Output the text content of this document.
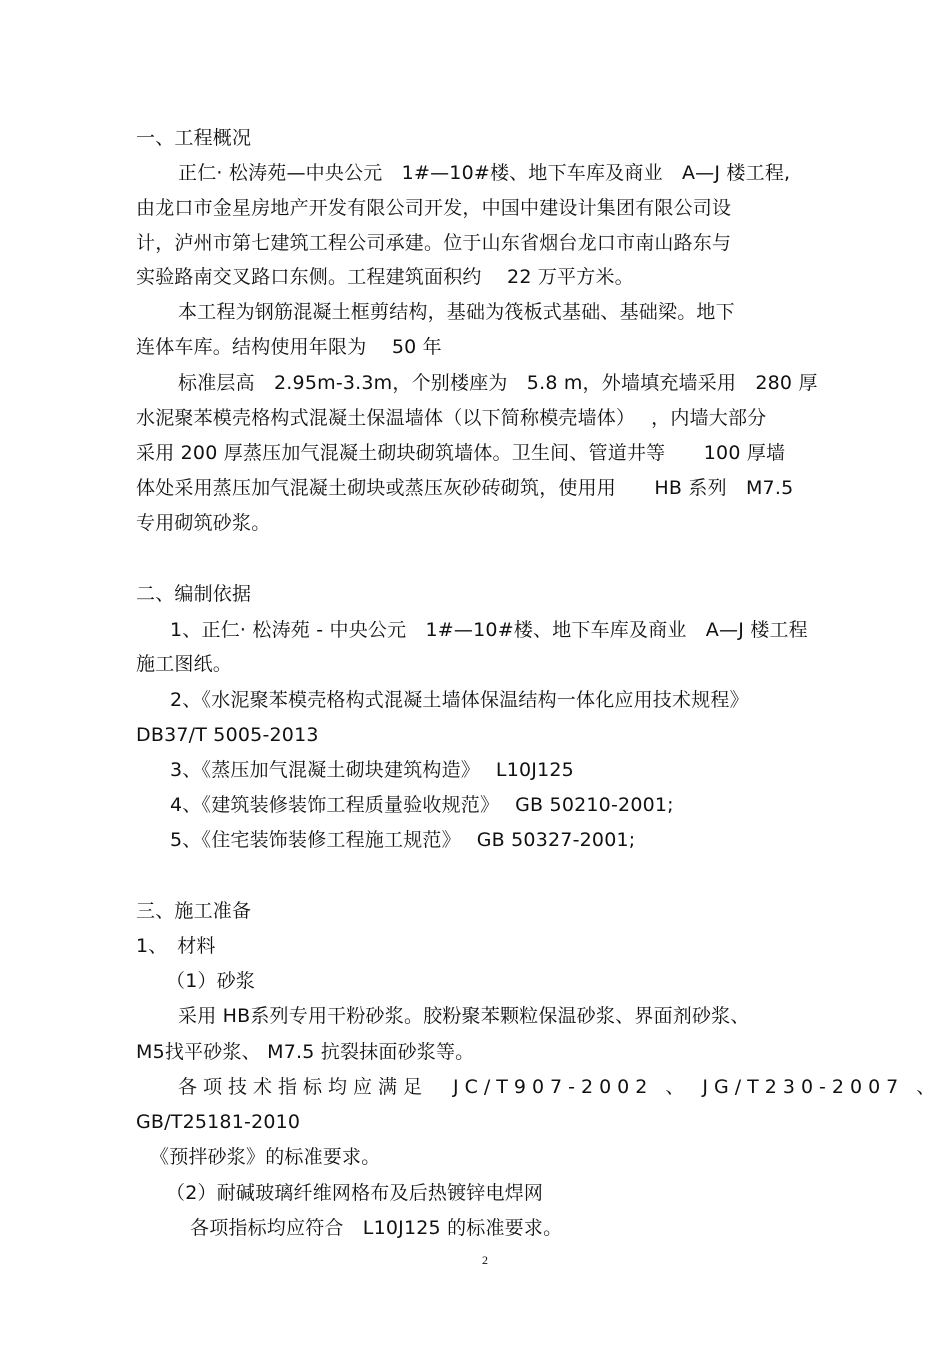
一、工程概况
正仁· 松涛苑—中央公元　1#—10#楼、地下车库及商业　A—J 楼工程,
由龙口市金星房地产开发有限公司开发，中国中建设计集团有限公司设
计，泸州市第七建筑工程公司承建。位于山东省烟台龙口市南山路东与
实验路南交叉路口东侧。工程建筑面积约　 22 万平方米。
本工程为钢筋混凝土框剪结构，基础为筏板式基础、基础梁。地下
连体车库。结构使用年限为　 50 年
标准层高　2.95m-3.3m，个别楼座为　5.8 m，外墙填充墙采用　280 厚
水泥聚苯模壳格构式混凝土保温墙体（以下简称模壳墙体）　 ，内墙大部分
采用 200 厚蒸压加气混凝土砌块砌筑墙体。卫生间、管道井等　　100 厚墙
体处采用蒸压加气混凝土砌块或蒸压灰砂砖砌筑，使用用　　HB 系列　M7.5
专用砌筑砂浆。
二、编制依据
1、正仁· 松涛苑 - 中央公元　1#—10#楼、地下车库及商业　A—J 楼工程
施工图纸。
2、《水泥聚苯模壳格构式混凝土墙体保温结构一体化应用技术规程》
DB37/T 5005-2013
3、《蒸压加气混凝土砌块建筑构造》　 L10J125
4、《建筑装修装饰工程质量验收规范》　 GB 50210-2001;
5、《住宅装饰装修工程施工规范》　 GB 50327-2001;
三、施工准备
1、　材料
（1）砂浆
采用 HB系列专用干粉砂浆。胶粉聚苯颗粒保温砂浆、界面剂砂浆、
M5找平砂浆、 M7.5 抗裂抹面砂浆等。
各项技术指标均应满足　JC/T907-2002 、 JG/T230-2007 、
GB/T25181-2010
《预拌砂浆》的标准要求。
（2）耐碱玻璃纤维网格布及后热镀锌电焊网
各项指标均应符合　L10J125 的标准要求。
2
